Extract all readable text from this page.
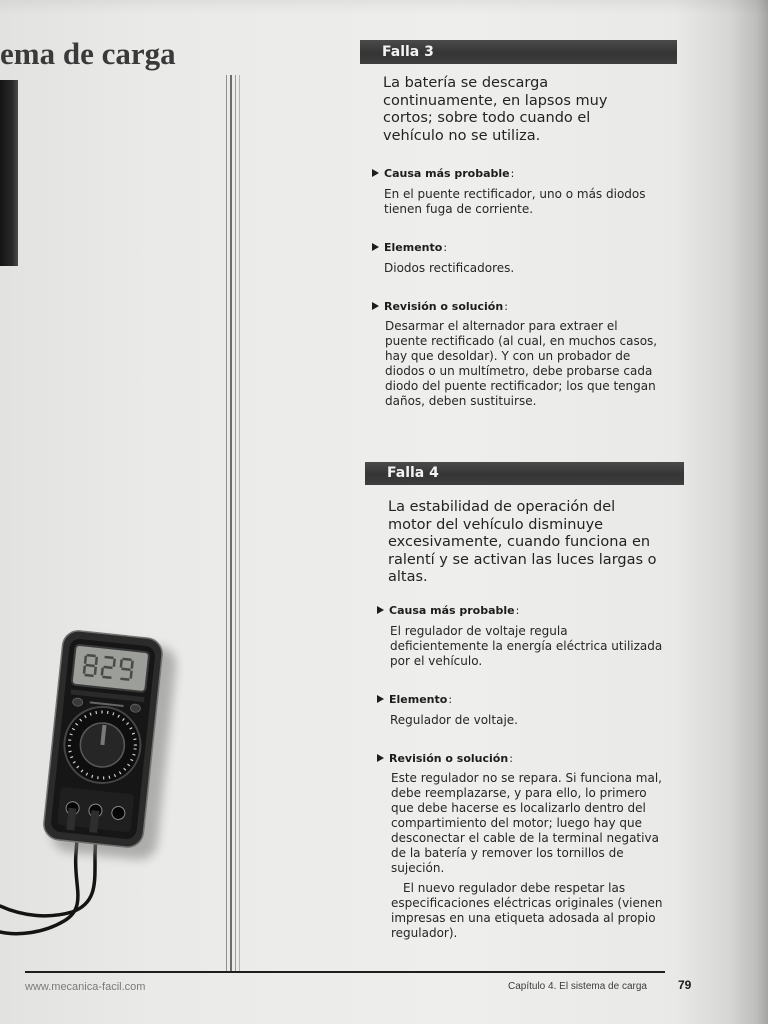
ema de carga	Falla 3
La batería se descarga
continuamente, en lapsos muy
cortos; sobre todo cuando el
vehículo no se utiliza.
Causa más probable:
En el puente rectificador, uno o más diodos
tienen fuga de corriente.
Elemento:
Diodos rectificadores.
Revisión o solución:
Desarmar el alternador para extraer el
puente rectificado (al cual, en muchos casos,
hay que desoldar). Y con un probador de
diodos o un multímetro, debe probarse cada
diodo del puente rectificador; los que tengan
daños, deben sustituirse.
Falla 4
La estabilidad de operación del
motor del vehículo disminuye
excesivamente, cuando funciona en
ralentí y se activan las luces largas o
altas.
Causa más probable:
El regulador de voltaje regula
deficientemente la energía eléctrica utilizada
por el vehículo.
Elemento:
Regulador de voltaje.
Revisión o solución:
Este regulador no se repara. Si funciona mal,
debe reemplazarse, y para ello, lo primero
que debe hacerse es localizarlo dentro del
compartimiento del motor; luego hay que
desconectar el cable de la terminal negativa
de la batería y remover los tornillos de
sujeción.
El nuevo regulador debe respetar las
especificaciones eléctricas originales (vienen
impresas en una etiqueta adosada al propio
regulador).
www.mecanica-facil.com	Capítulo 4. El sistema de carga	79
